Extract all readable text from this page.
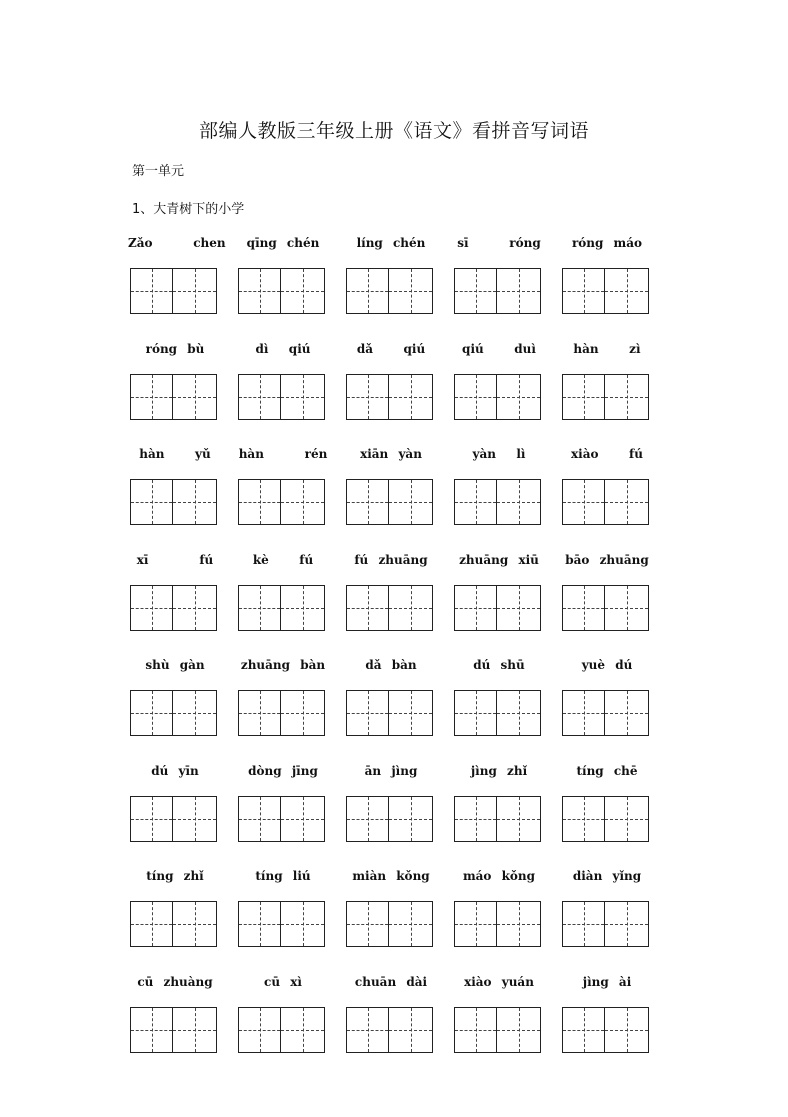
部编人教版三年级上册《语文》看拼音写词语
第一单元
1、大青树下的小学
Zǎo    chen	qīng chén	líng chén	sī    róng	róng máo
róng bù	dì  qiú	dǎ   qiú	qiú   duì	hàn   zì
hàn   yǔ	hàn    rén	xiān yàn	yàn  lì	xiào   fú
xī     fú	kè   fú	fú zhuāng	zhuāng xiū	bāo zhuāng
shù gàn	zhuāng bàn	dǎ bàn	dú shū	yuè dú
dú yīn	dòng jīng	ān jìng	jìng zhǐ	tíng chē
tíng zhǐ	tíng liú	miàn kǒng	máo kǒng	diàn yǐng
cū zhuàng	cū xì	chuān dài	xiào yuán	jìng ài
